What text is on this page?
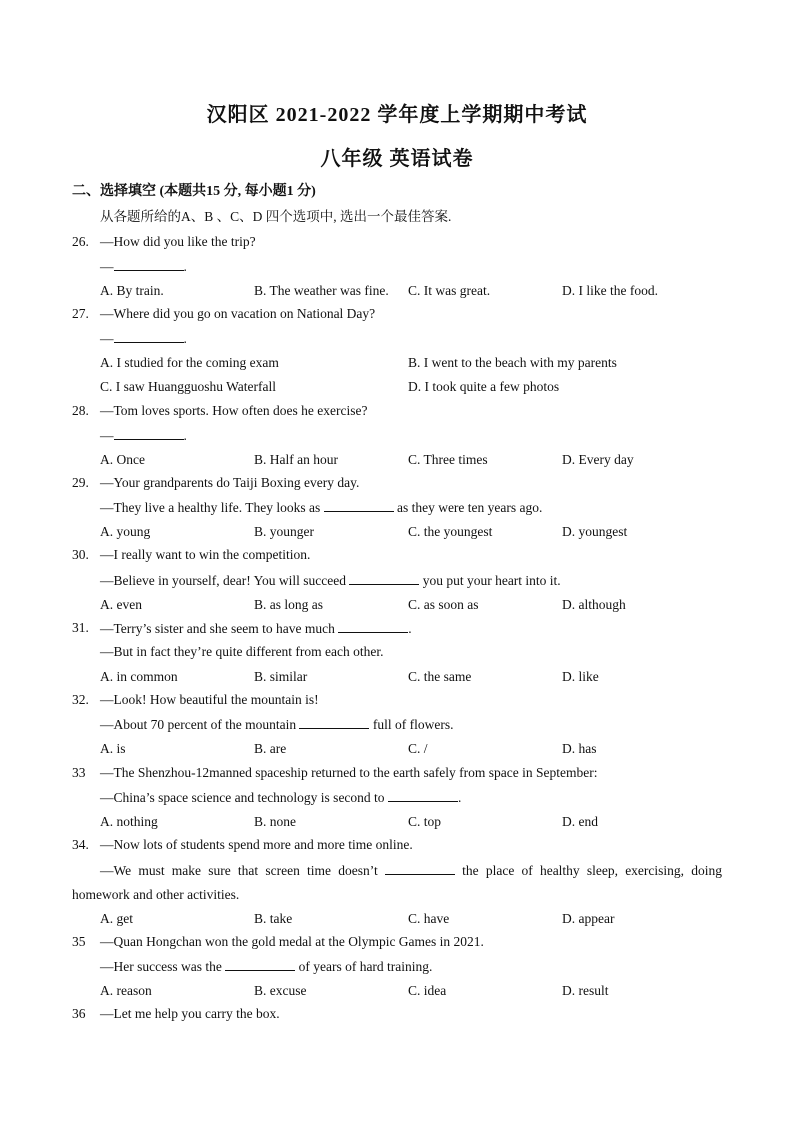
汉阳区 2021-2022 学年度上学期期中考试
八年级 英语试卷
二、选择填空 (本题共15 分, 每小题1 分)
从各题所给的A、B 、C、D 四个选项中, 选出一个最佳答案.
26. —How did you like the trip?
—	.
A. By train.	B. The weather was fine. C. It was great.	D. I like the food.
27. —Where did you go on vacation on National Day?
—	.
A. I studied for the coming exam	B. I went to the beach with my parents
C. I saw Huangguoshu Waterfall	D. I took quite a few photos
28. —Tom loves sports. How often does he exercise?
—	.
A. Once	B. Half an hour	C. Three times	D. Every day
29. —Your grandparents do Taiji Boxing every day.
—They live a healthy life. They looks as	as they were ten years ago.
A. young	B. younger	C. the youngest	D. youngest
30. —I really want to win the competition.
—Believe in yourself, dear! You will succeed	you put your heart into it.
A. even	B. as long as	C. as soon as	D. although
31. —Terry’s sister and she seem to have much	.
—But in fact they’re quite different from each other.
A. in common	B. similar	C. the same	D. like
32. —Look! How beautiful the mountain is!
—About 70 percent of the mountain	full of flowers.
A. is	B. are	C. /	D. has
33	—The Shenzhou-12manned spaceship returned to the earth safely from space in September:
—China’s space science and technology is second to	.
A. nothing	B. none	C. top	D. end
34. —Now lots of students spend more and more time online.
—We must make sure that screen time doesn’t	the place of healthy sleep, exercising, doing
homework and other activities.
A. get	B. take	C. have	D. appear
35	—Quan Hongchan won the gold medal at the Olympic Games in 2021.
—Her success was the	of years of hard training.
A. reason	B. excuse	C. idea	D. result
36	—Let me help you carry the box.
